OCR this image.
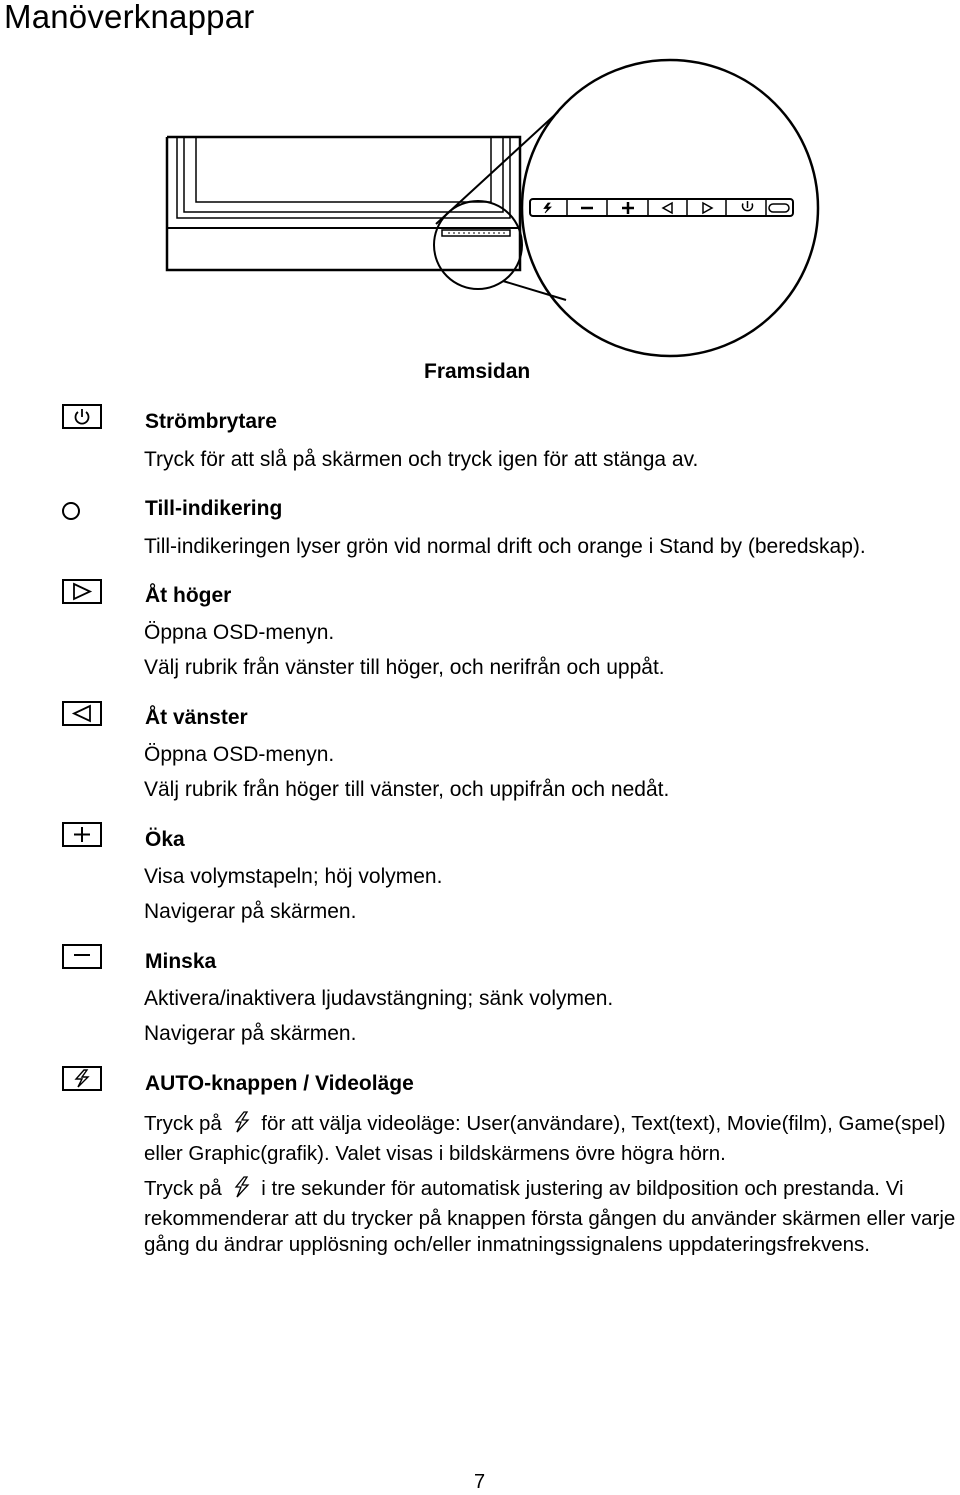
Manöverknappar
Framsidan
Strömbrytare
Tryck för att slå på skärmen och tryck igen för att stänga av.
Till-indikering
Till-indikeringen lyser grön vid normal drift och orange i Stand by (beredskap).
Åt höger
Öppna OSD-menyn.
Välj rubrik från vänster till höger, och nerifrån och uppåt.
Åt vänster
Öppna OSD-menyn.
Välj rubrik från höger till vänster, och uppifrån och nedåt.
Öka
Visa volymstapeln; höj volymen.
Navigerar på skärmen.
Minska
Aktivera/inaktivera ljudavstängning; sänk volymen.
Navigerar på skärmen.
AUTO-knappen / Videoläge
Tryck på för att välja videoläge: User(användare), Text(text), Movie(film), Game(spel) eller Graphic(grafik). Valet visas i bildskärmens övre högra hörn.
Tryck på i tre sekunder för automatisk justering av bildposition och prestanda. Vi rekommenderar att du trycker på knappen första gången du använder skärmen eller varje gång du ändrar upplösning och/eller inmatningssignalens uppdateringsfrekvens.
7
